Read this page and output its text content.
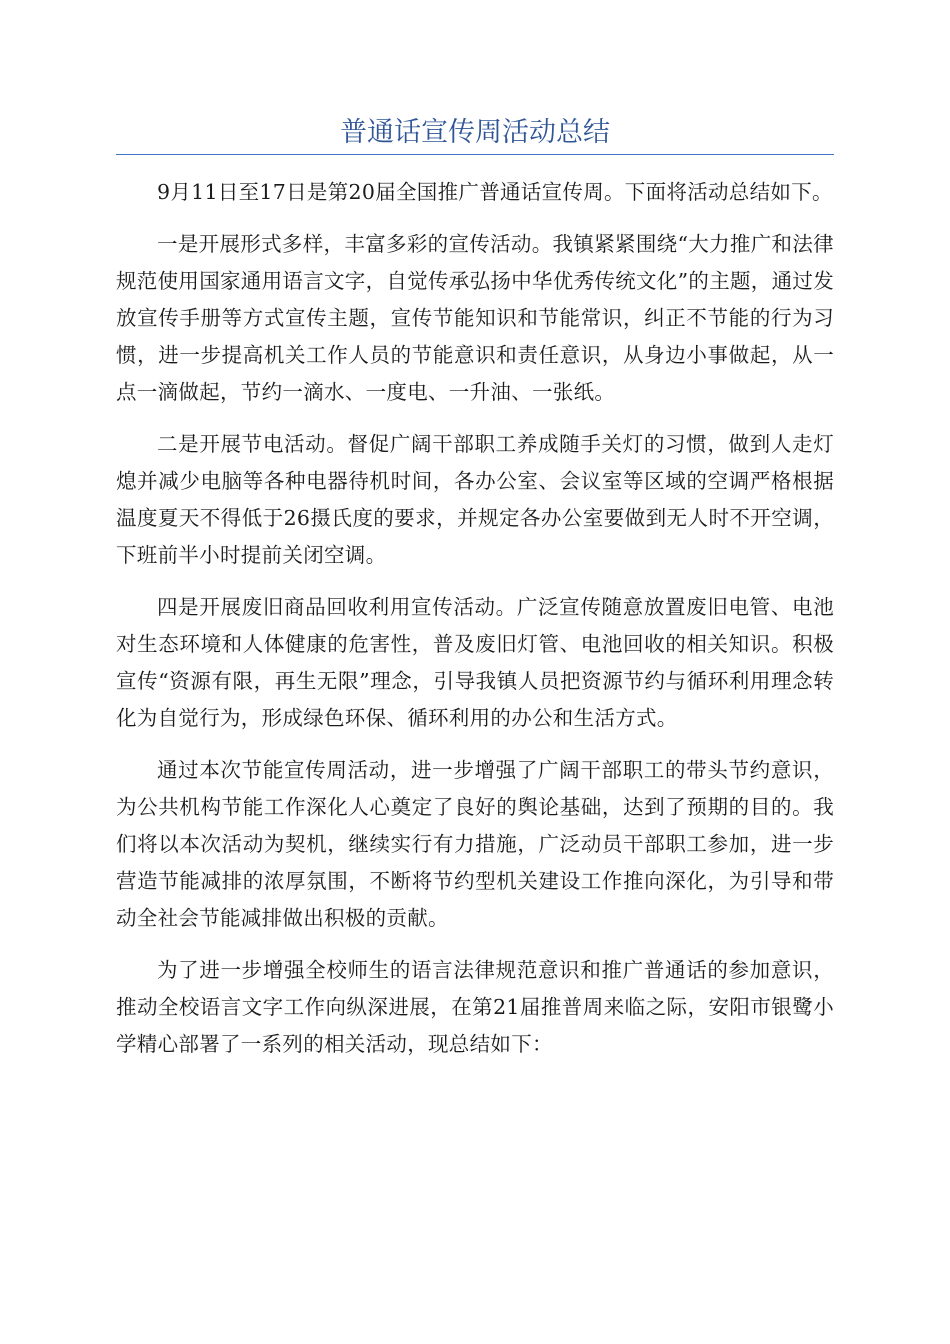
普通话宣传周活动总结

9月11日至17日是第20届全国推广普通话宣传周。下面将活动总结如下。

一是开展形式多样，丰富多彩的宣传活动。我镇紧紧围绕“大力推广和法律规范使用国家通用语言文字，自觉传承弘扬中华优秀传统文化”的主题，通过发放宣传手册等方式宣传主题，宣传节能知识和节能常识，纠正不节能的行为习惯，进一步提高机关工作人员的节能意识和责任意识，从身边小事做起，从一点一滴做起，节约一滴水、一度电、一升油、一张纸。

二是开展节电活动。督促广阔干部职工养成随手关灯的习惯，做到人走灯熄并减少电脑等各种电器待机时间，各办公室、会议室等区域的空调严格根据温度夏天不得低于26摄氏度的要求，并规定各办公室要做到无人时不开空调，下班前半小时提前关闭空调。

四是开展废旧商品回收利用宣传活动。广泛宣传随意放置废旧电管、电池对生态环境和人体健康的危害性，普及废旧灯管、电池回收的相关知识。积极宣传“资源有限，再生无限”理念，引导我镇人员把资源节约与循环利用理念转化为自觉行为，形成绿色环保、循环利用的办公和生活方式。

通过本次节能宣传周活动，进一步增强了广阔干部职工的带头节约意识，为公共机构节能工作深化人心奠定了良好的舆论基础，达到了预期的目的。我们将以本次活动为契机，继续实行有力措施，广泛动员干部职工参加，进一步营造节能减排的浓厚氛围，不断将节约型机关建设工作推向深化，为引导和带动全社会节能减排做出积极的贡献。

为了进一步增强全校师生的语言法律规范意识和推广普通话的参加意识，推动全校语言文字工作向纵深进展，在第21届推普周来临之际，安阳市银鹭小学精心部署了一系列的相关活动，现总结如下：
